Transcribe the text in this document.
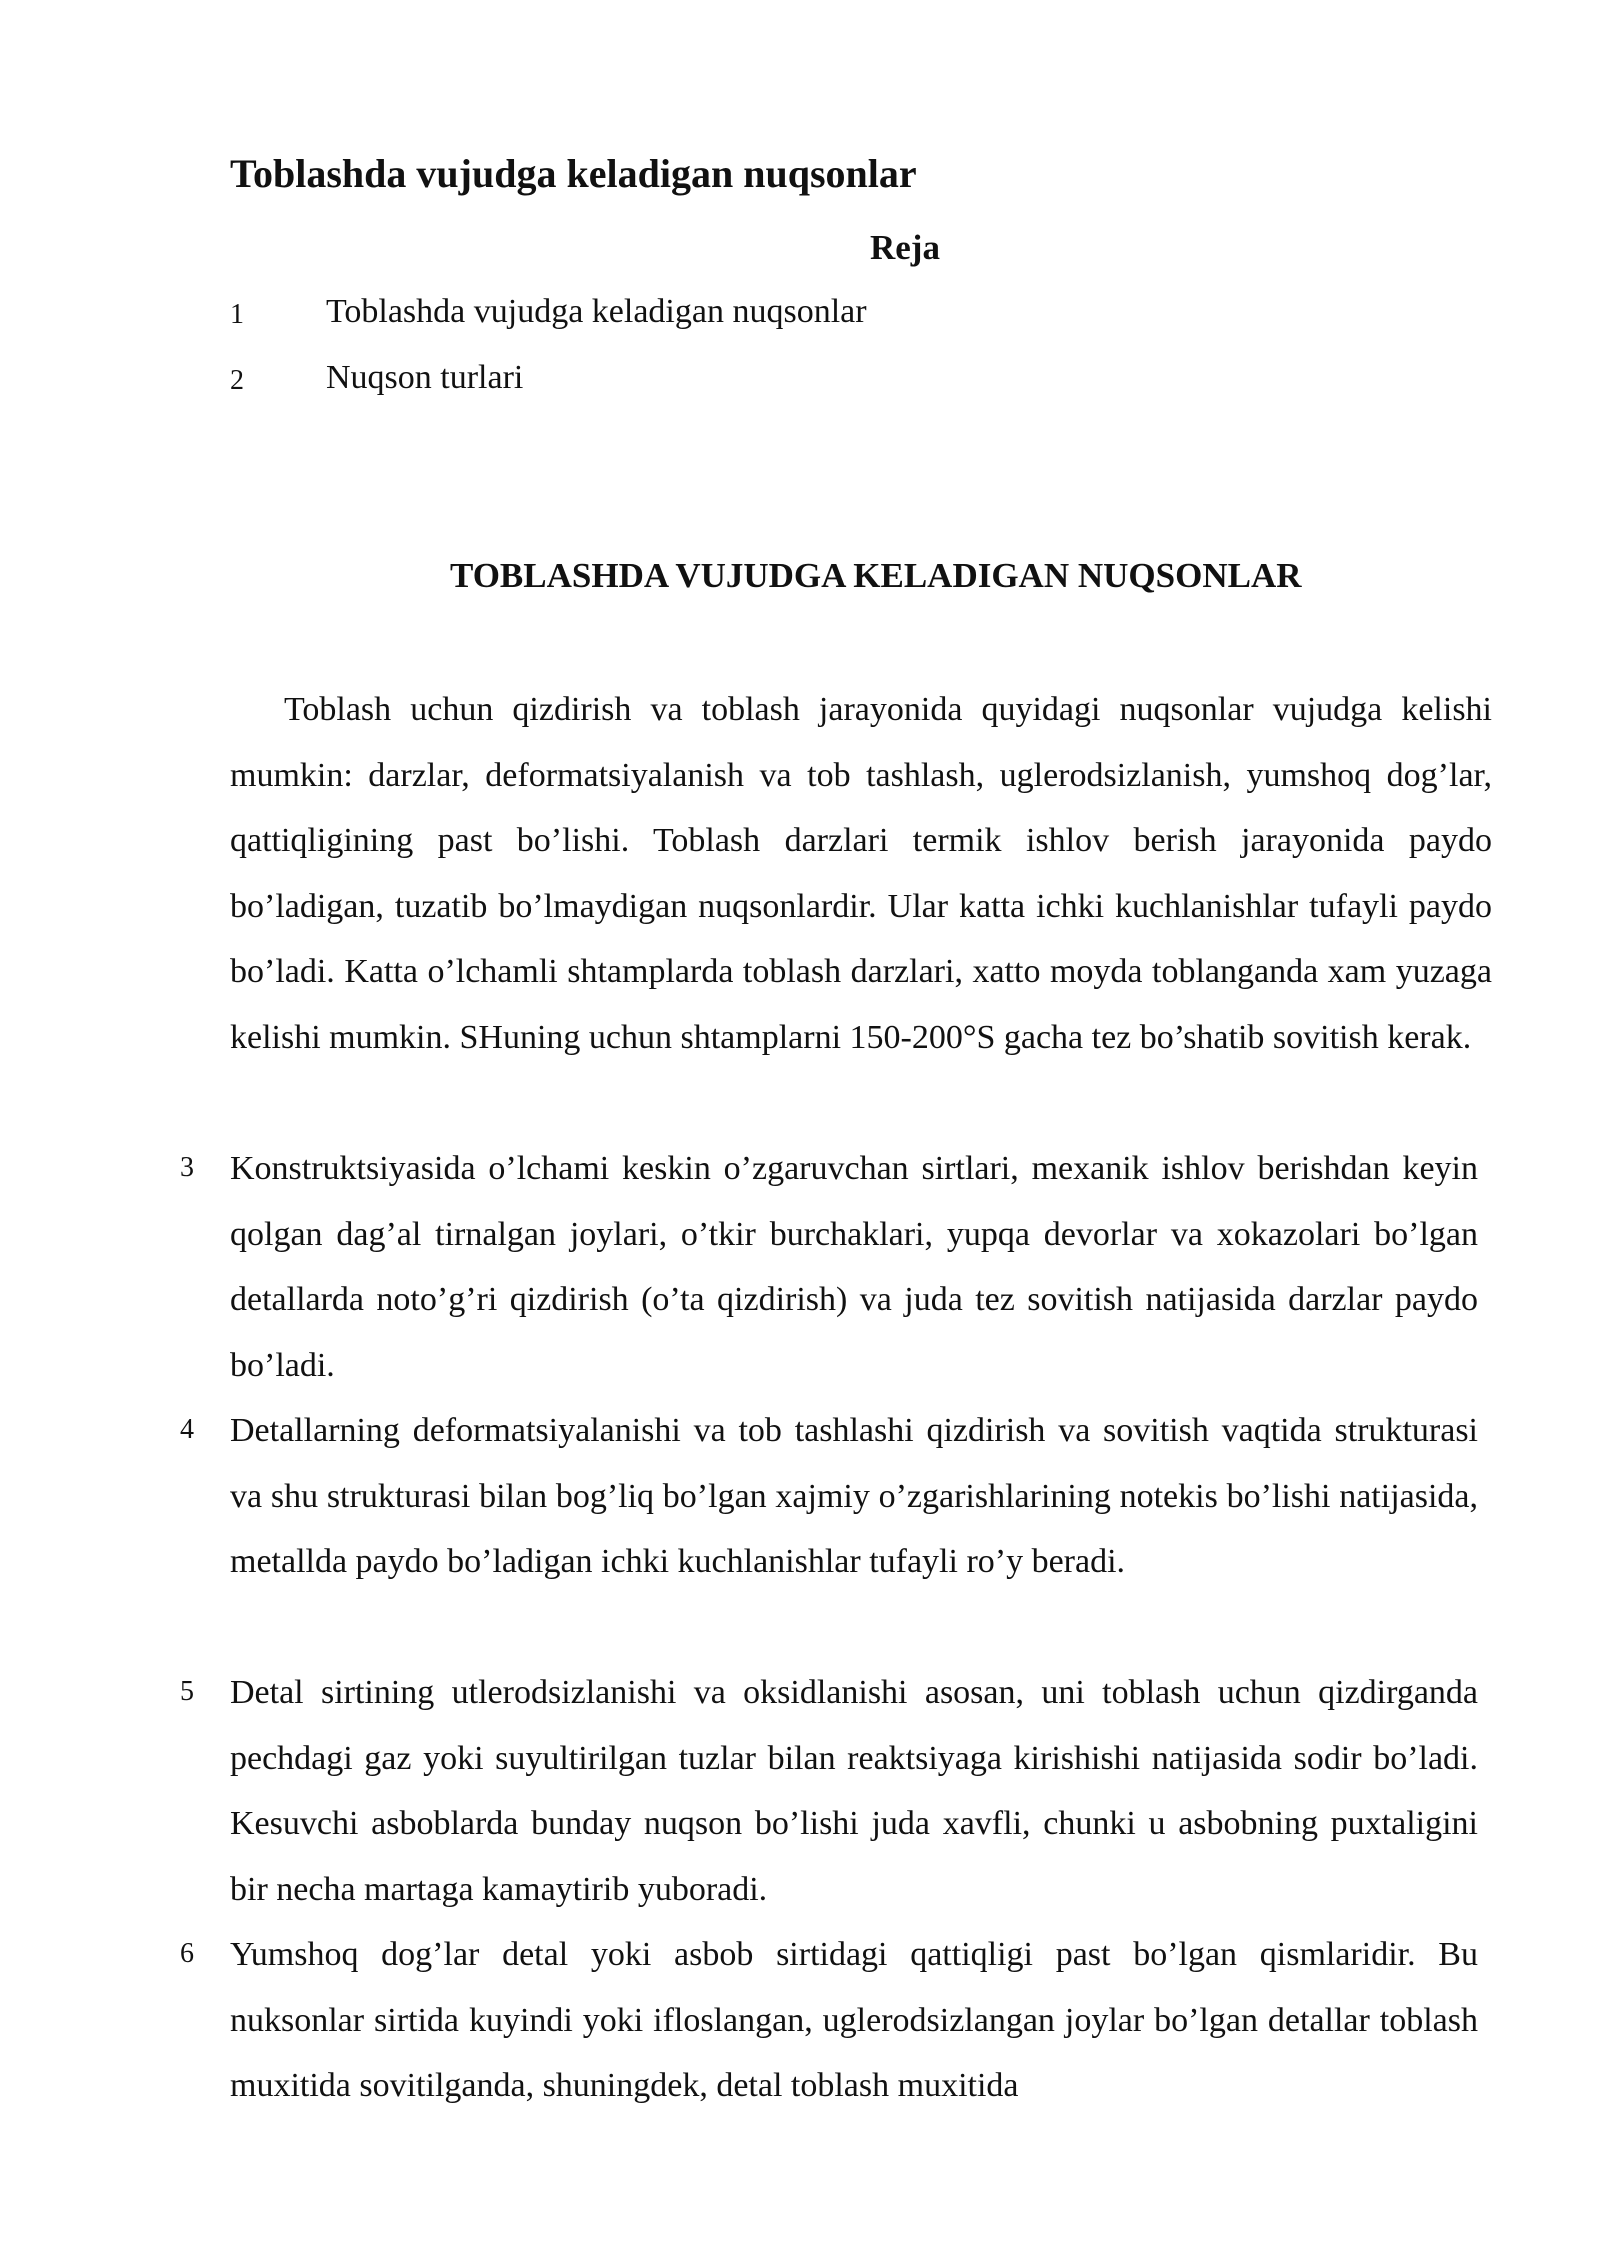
Toblashda vujudga keladigan nuqsonlar
Reja
1 Toblashda vujudga keladigan nuqsonlar
2 Nuqson turlari
TOBLASHDA VUJUDGA KELADIGAN NUQSONLAR
Toblash uchun qizdirish va toblash jarayonida quyidagi nuqsonlar vujudga kelishi mumkin: darzlar, deformatsiyalanish va tob tashlash, uglerodsizlanish, yumshoq dog’lar, qattiqligining past bo’lishi. Toblash darzlari termik ishlov berish jarayonida paydo bo’ladigan, tuzatib bo’lmaydigan nuqsonlardir. Ular katta ichki kuchlanishlar tufayli paydo bo’ladi. Katta o’lchamli shtamplarda toblash darzlari, xatto moyda toblanganda xam yuzaga kelishi mumkin. SHuning uchun shtamplarni 150-200°S gacha tez bo’shatib sovitish kerak.
3 Konstruktsiyasida o’lchami keskin o’zgaruvchan sirtlari, mexanik ishlov berishdan keyin qolgan dag’al tirnalgan joylari, o’tkir burchaklari, yupqa devorlar va xokazolari bo’lgan detallarda noto’g’ri qizdirish (o’ta qizdirish) va juda tez sovitish natijasida darzlar paydo bo’ladi.
4 Detallarning deformatsiyalanishi va tob tashlashi qizdirish va sovitish vaqtida strukturasi va shu strukturasi bilan bog’liq bo’lgan xajmiy o’zgarishlarining notekis bo’lishi natijasida, metallda paydo bo’ladigan ichki kuchlanishlar tufayli ro’y beradi.
5 Detal sirtining utlerodsizlanishi va oksidlanishi asosan, uni toblash uchun qizdirganda pechdagi gaz yoki suyultirilgan tuzlar bilan reaktsiyaga kirishishi natijasida sodir bo’ladi. Kesuvchi asboblarda bunday nuqson bo’lishi juda xavfli, chunki u asbobning puxtaligini bir necha martaga kamaytirib yuboradi.
6 Yumshoq dog’lar detal yoki asbob sirtidagi qattiqligi past bo’lgan qismlaridir. Bu nuksonlar sirtida kuyindi yoki ifloslangan, uglerodsizlangan joylar bo’lgan detallar toblash muxitida sovitilganda, shuningdek, detal toblash muxitida
